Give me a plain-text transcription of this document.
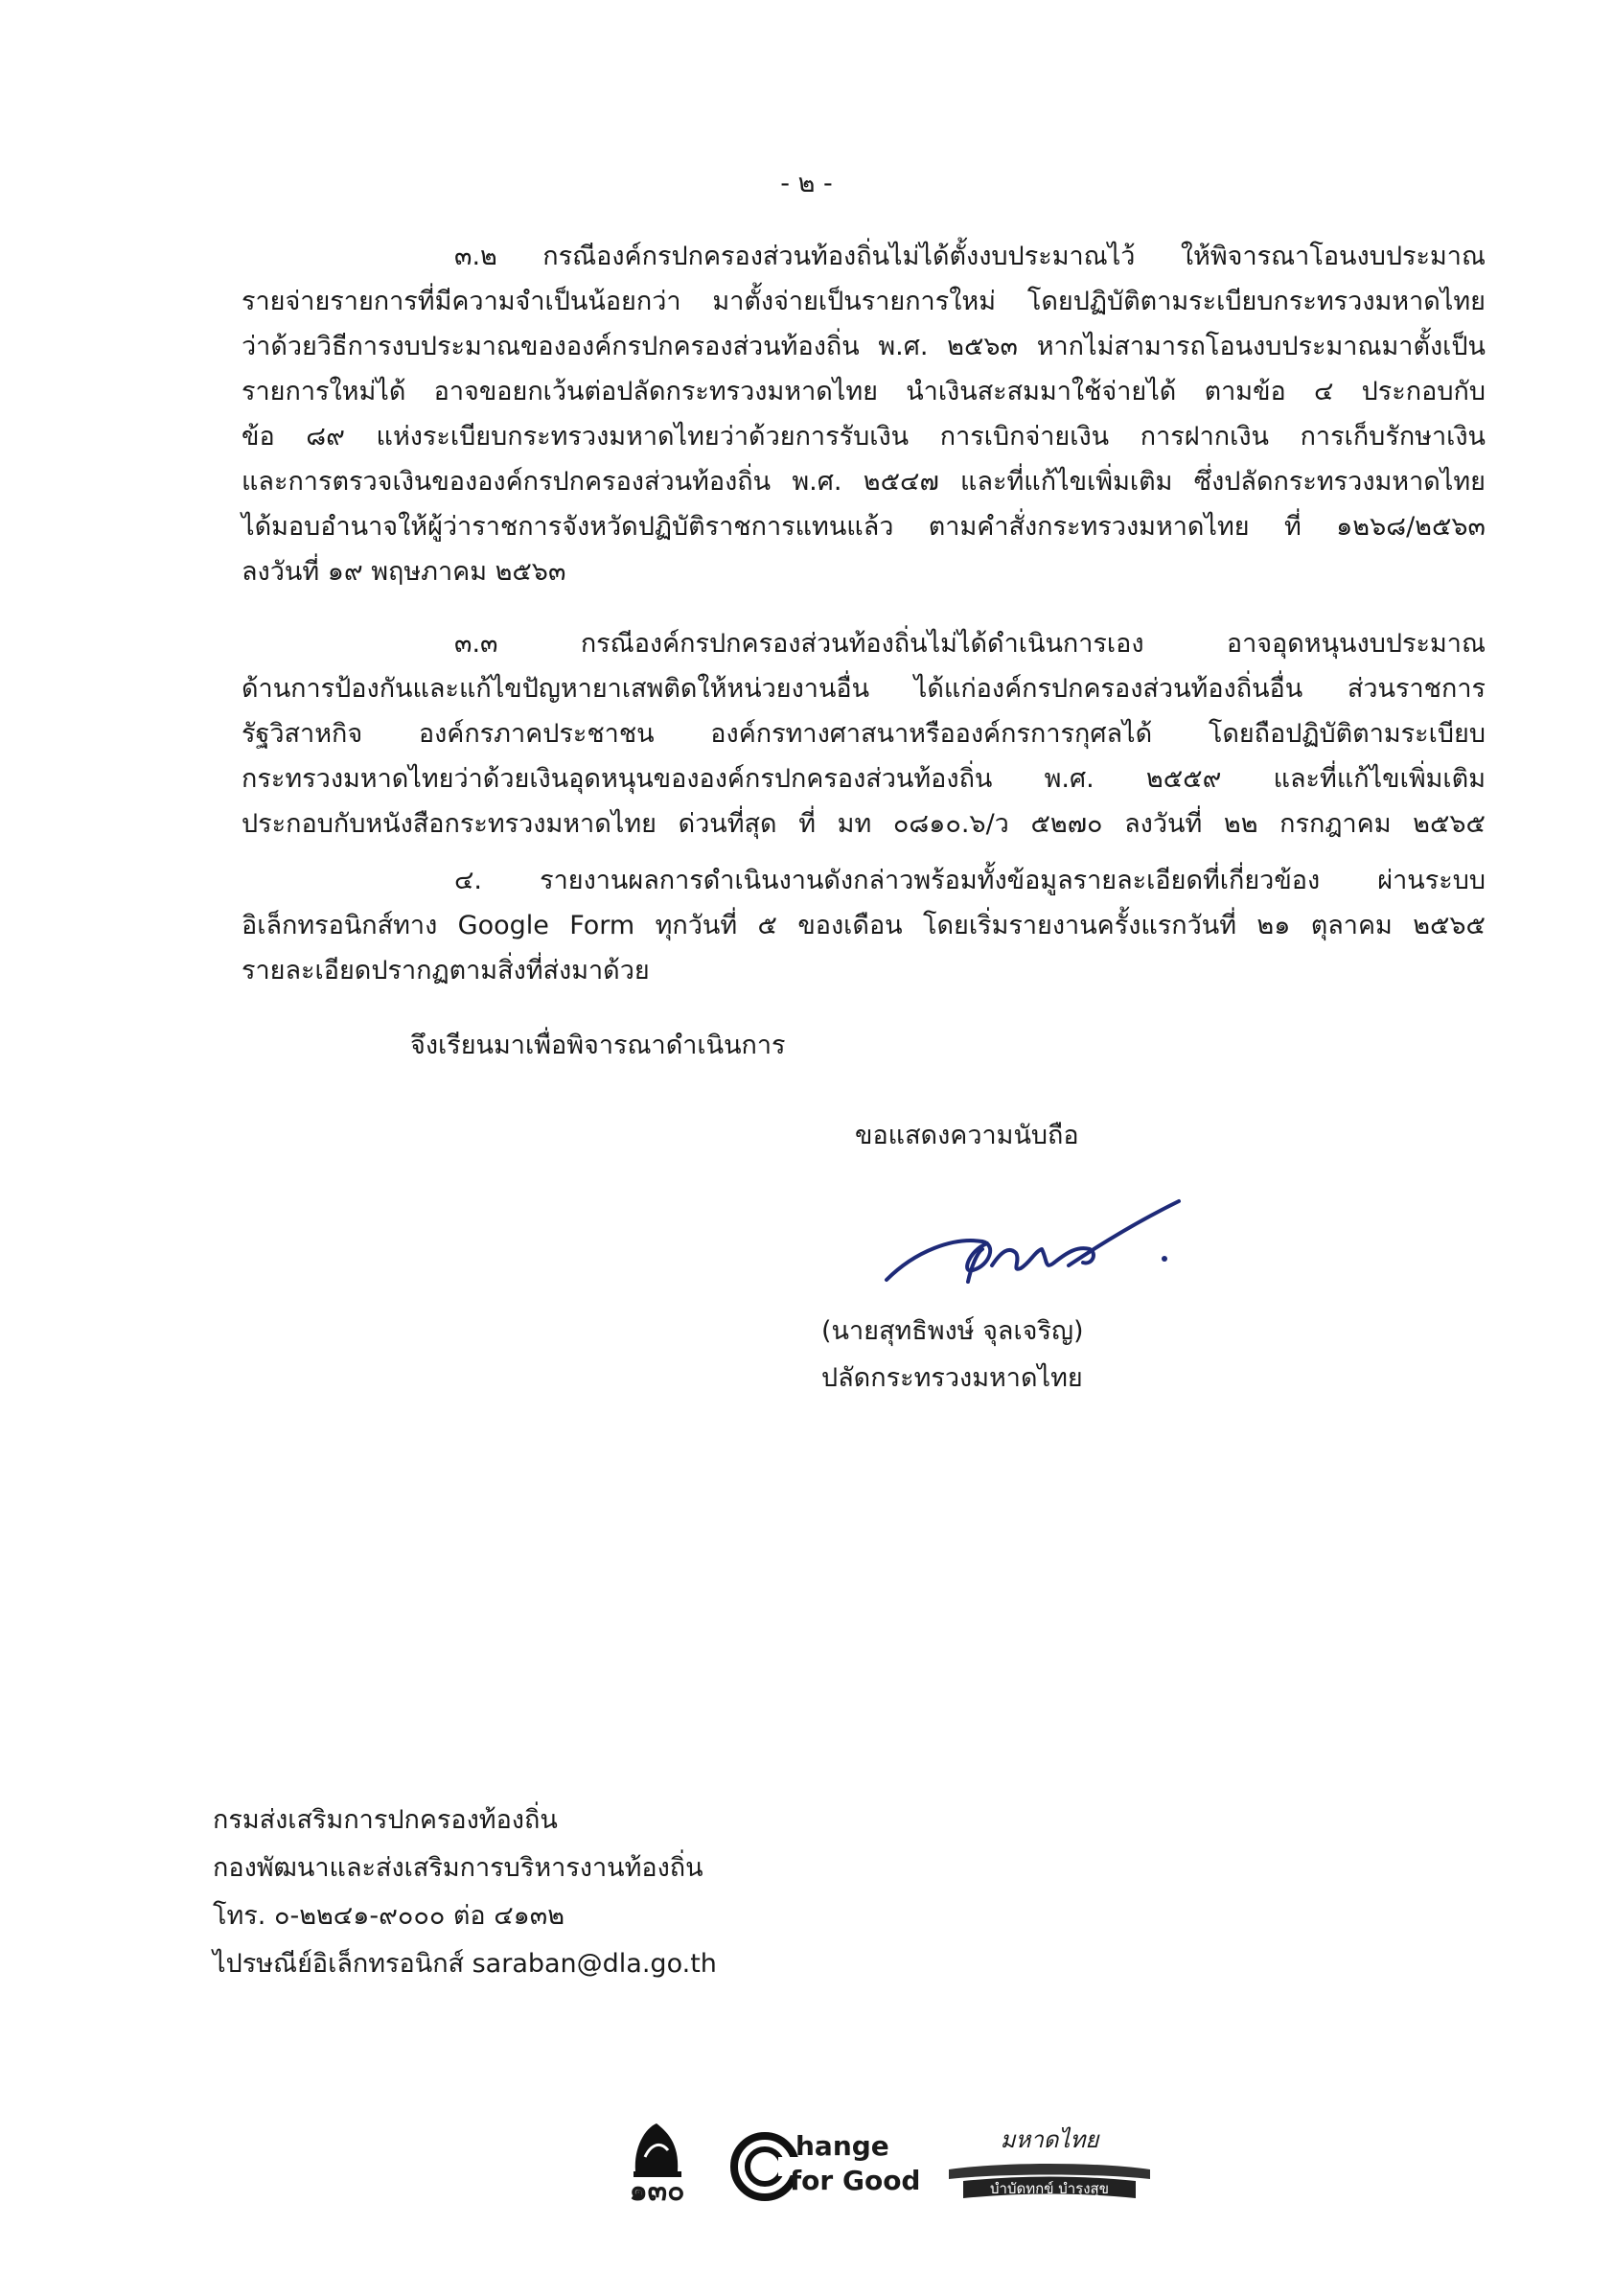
- ๒ -
๓.๒ กรณีองค์กรปกครองส่วนท้องถิ่นไม่ได้ตั้งงบประมาณไว้ ให้พิจารณาโอนงบประมาณ
รายจ่ายรายการที่มีความจำเป็นน้อยกว่า มาตั้งจ่ายเป็นรายการใหม่ โดยปฏิบัติตามระเบียบกระทรวงมหาดไทย
ว่าด้วยวิธีการงบประมาณขององค์กรปกครองส่วนท้องถิ่น พ.ศ. ๒๕๖๓ หากไม่สามารถโอนงบประมาณมาตั้งเป็น
รายการใหม่ได้ อาจขอยกเว้นต่อปลัดกระทรวงมหาดไทย นำเงินสะสมมาใช้จ่ายได้ ตามข้อ ๔ ประกอบกับ
ข้อ ๘๙ แห่งระเบียบกระทรวงมหาดไทยว่าด้วยการรับเงิน การเบิกจ่ายเงิน การฝากเงิน การเก็บรักษาเงิน
และการตรวจเงินขององค์กรปกครองส่วนท้องถิ่น พ.ศ. ๒๕๔๗ และที่แก้ไขเพิ่มเติม ซึ่งปลัดกระทรวงมหาดไทย
ได้มอบอำนาจให้ผู้ว่าราชการจังหวัดปฏิบัติราชการแทนแล้ว ตามคำสั่งกระทรวงมหาดไทย ที่ ๑๒๖๘/๒๕๖๓
ลงวันที่ ๑๙ พฤษภาคม ๒๕๖๓
๓.๓ กรณีองค์กรปกครองส่วนท้องถิ่นไม่ได้ดำเนินการเอง อาจอุดหนุนงบประมาณ
ด้านการป้องกันและแก้ไขปัญหายาเสพติดให้หน่วยงานอื่น ได้แก่องค์กรปกครองส่วนท้องถิ่นอื่น ส่วนราชการ
รัฐวิสาหกิจ องค์กรภาคประชาชน องค์กรทางศาสนาหรือองค์กรการกุศลได้ โดยถือปฏิบัติตามระเบียบ
กระทรวงมหาดไทยว่าด้วยเงินอุดหนุนขององค์กรปกครองส่วนท้องถิ่น พ.ศ. ๒๕๕๙ และที่แก้ไขเพิ่มเติม
ประกอบกับหนังสือกระทรวงมหาดไทย ด่วนที่สุด ที่ มท ๐๘๑๐.๖/ว ๕๒๗๐ ลงวันที่ ๒๒ กรกฎาคม ๒๕๖๕
๔. รายงานผลการดำเนินงานดังกล่าวพร้อมทั้งข้อมูลรายละเอียดที่เกี่ยวข้อง ผ่านระบบ
อิเล็กทรอนิกส์ทาง Google Form ทุกวันที่ ๕ ของเดือน โดยเริ่มรายงานครั้งแรกวันที่ ๒๑ ตุลาคม ๒๕๖๕
รายละเอียดปรากฏตามสิ่งที่ส่งมาด้วย
จึงเรียนมาเพื่อพิจารณาดำเนินการ
ขอแสดงความนับถือ
(นายสุทธิพงษ์ จุลเจริญ)
ปลัดกระทรวงมหาดไทย
กรมส่งเสริมการปกครองท้องถิ่น
กองพัฒนาและส่งเสริมการบริหารงานท้องถิ่น
โทร. ๐-๒๒๔๑-๙๐๐๐ ต่อ ๔๑๓๒
ไปรษณีย์อิเล็กทรอนิกส์ saraban@dla.go.th
๑๓๐
hange
for Good
มหาดไทย
บำบัดทุกข์ บำรุงสุข
